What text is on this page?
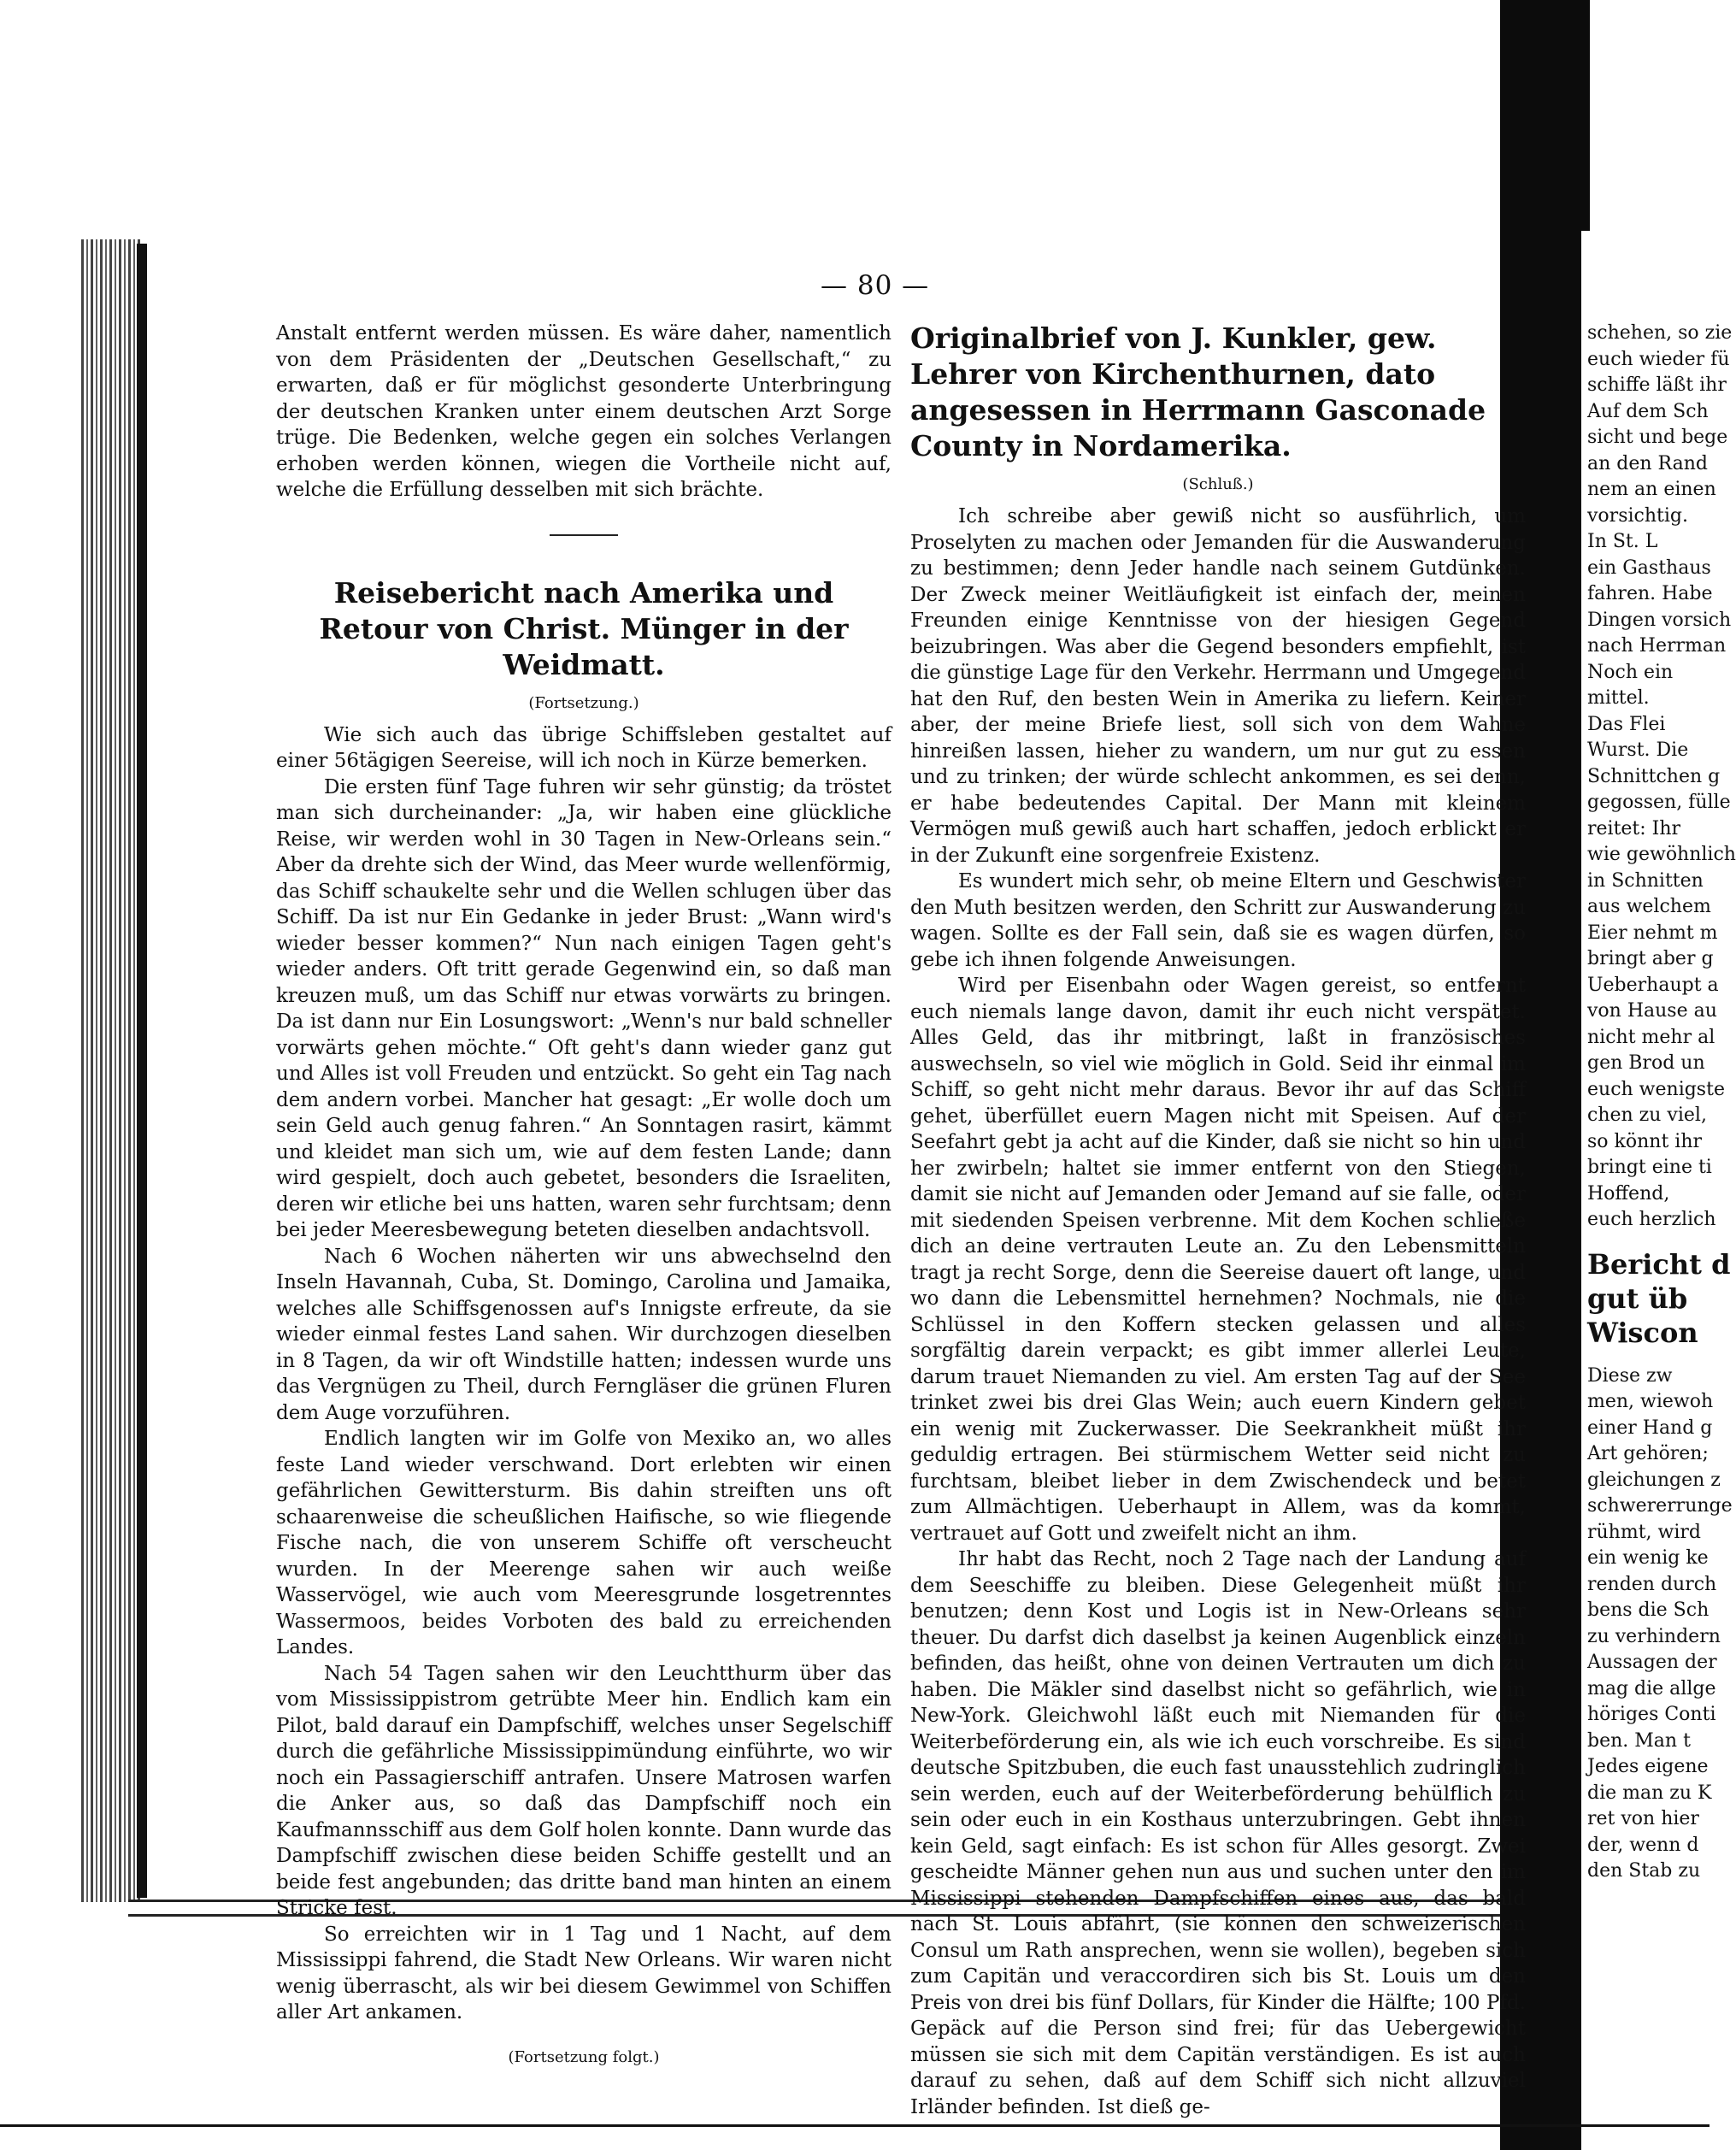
— 80 —

Anstalt entfernt werden müssen. Es wäre daher, namentlich von dem Präsidenten der „Deutschen Gesellschaft,“ zu erwarten, daß er für möglichst gesonderte Unterbringung der deutschen Kranken unter einem deutschen Arzt Sorge trüge. Die Bedenken, welche gegen ein solches Verlangen erhoben werden können, wiegen die Vortheile nicht auf, welche die Erfüllung desselben mit sich brächte.

Reisebericht nach Amerika und Retour von Christ. Münger in der Weidmatt.
(Fortsetzung.)

Wie sich auch das übrige Schiffsleben gestaltet auf einer 56tägigen Seereise, will ich noch in Kürze bemerken.

Die ersten fünf Tage fuhren wir sehr günstig; da tröstet man sich durcheinander: „Ja, wir haben eine glückliche Reise, wir werden wohl in 30 Tagen in New-Orleans sein.“ Aber da drehte sich der Wind, das Meer wurde wellenförmig, das Schiff schaukelte sehr und die Wellen schlugen über das Schiff. Da ist nur Ein Gedanke in jeder Brust: „Wann wird's wieder besser kommen?“ Nun nach einigen Tagen geht's wieder anders. Oft tritt gerade Gegenwind ein, so daß man kreuzen muß, um das Schiff nur etwas vorwärts zu bringen. Da ist dann nur Ein Losungswort: „Wenn's nur bald schneller vorwärts gehen möchte.“ Oft geht's dann wieder ganz gut und Alles ist voll Freuden und entzückt. So geht ein Tag nach dem andern vorbei. Mancher hat gesagt: „Er wolle doch um sein Geld auch genug fahren.“ An Sonntagen rasirt, kämmt und kleidet man sich um, wie auf dem festen Lande; dann wird gespielt, doch auch gebetet, besonders die Israeliten, deren wir etliche bei uns hatten, waren sehr furchtsam; denn bei jeder Meeresbewegung beteten dieselben andachtsvoll.

Nach 6 Wochen näherten wir uns abwechselnd den Inseln Havannah, Cuba, St. Domingo, Carolina und Jamaika, welches alle Schiffsgenossen auf's Innigste erfreute, da sie wieder einmal festes Land sahen. Wir durchzogen dieselben in 8 Tagen, da wir oft Windstille hatten; indessen wurde uns das Vergnügen zu Theil, durch Ferngläser die grünen Fluren dem Auge vorzuführen.

Endlich langten wir im Golfe von Mexiko an, wo alles feste Land wieder verschwand. Dort erlebten wir einen gefährlichen Gewittersturm. Bis dahin streiften uns oft schaarenweise die scheußlichen Haifische, so wie fliegende Fische nach, die von unserem Schiffe oft verscheucht wurden. In der Meerenge sahen wir auch weiße Wasservögel, wie auch vom Meeresgrunde losgetrenntes Wassermoos, beides Vorboten des bald zu erreichenden Landes.

Nach 54 Tagen sahen wir den Leuchtthurm über das vom Mississippistrom getrübte Meer hin. Endlich kam ein Pilot, bald darauf ein Dampfschiff, welches unser Segelschiff durch die gefährliche Mississippimündung einführte, wo wir noch ein Passagierschiff antrafen. Unsere Matrosen warfen die Anker aus, so daß das Dampfschiff noch ein Kaufmannsschiff aus dem Golf holen konnte. Dann wurde das Dampfschiff zwischen diese beiden Schiffe gestellt und an beide fest angebunden; das dritte band man hinten an einem Stricke fest.

So erreichten wir in 1 Tag und 1 Nacht, auf dem Mississippi fahrend, die Stadt New Orleans. Wir waren nicht wenig überrascht, als wir bei diesem Gewimmel von Schiffen aller Art ankamen.

(Fortsetzung folgt.)
Originalbrief von J. Kunkler, gew. Lehrer von Kirchenthurnen, dato angesessen in Herrmann Gasconade County in Nordamerika.
(Schluß.)

Ich schreibe aber gewiß nicht so ausführlich, um Proselyten zu machen oder Jemanden für die Auswanderung zu bestimmen; denn Jeder handle nach seinem Gutdünken. Der Zweck meiner Weitläufigkeit ist einfach der, meinen Freunden einige Kenntnisse von der hiesigen Gegend beizubringen. Was aber die Gegend besonders empfiehlt, ist die günstige Lage für den Verkehr. Herrmann und Umgegend hat den Ruf, den besten Wein in Amerika zu liefern. Keiner aber, der meine Briefe liest, soll sich von dem Wahne hinreißen lassen, hieher zu wandern, um nur gut zu essen und zu trinken; der würde schlecht ankommen, es sei denn, er habe bedeutendes Capital. Der Mann mit kleinem Vermögen muß gewiß auch hart schaffen, jedoch erblickt er in der Zukunft eine sorgenfreie Existenz.

Es wundert mich sehr, ob meine Eltern und Geschwister den Muth besitzen werden, den Schritt zur Auswanderung zu wagen. Sollte es der Fall sein, daß sie es wagen dürfen, so gebe ich ihnen folgende Anweisungen.

Wird per Eisenbahn oder Wagen gereist, so entfernt euch niemals lange davon, damit ihr euch nicht verspätet. Alles Geld, das ihr mitbringt, laßt in französisches auswechseln, so viel wie möglich in Gold. Seid ihr einmal im Schiff, so geht nicht mehr daraus. Bevor ihr auf das Schiff gehet, überfüllet euern Magen nicht mit Speisen. Auf der Seefahrt gebt ja acht auf die Kinder, daß sie nicht so hin und her zwirbeln; haltet sie immer entfernt von den Stiegen, damit sie nicht auf Jemanden oder Jemand auf sie falle, oder mit siedenden Speisen verbrenne. Mit dem Kochen schließe dich an deine vertrauten Leute an. Zu den Lebensmitteln tragt ja recht Sorge, denn die Seereise dauert oft lange, und wo dann die Lebensmittel hernehmen? Nochmals, nie die Schlüssel in den Koffern stecken gelassen und alles sorgfältig darein verpackt; es gibt immer allerlei Leute, darum trauet Niemanden zu viel. Am ersten Tag auf der See trinket zwei bis drei Glas Wein; auch euern Kindern gebet ein wenig mit Zuckerwasser. Die Seekrankheit müßt ihr geduldig ertragen. Bei stürmischem Wetter seid nicht zu furchtsam, bleibet lieber in dem Zwischendeck und betet zum Allmächtigen. Ueberhaupt in Allem, was da kommt, vertrauet auf Gott und zweifelt nicht an ihm.

Ihr habt das Recht, noch 2 Tage nach der Landung auf dem Seeschiffe zu bleiben. Diese Gelegenheit müßt ihr benutzen; denn Kost und Logis ist in New-Orleans sehr theuer. Du darfst dich daselbst ja keinen Augenblick einzeln befinden, das heißt, ohne von deinen Vertrauten um dich zu haben. Die Mäkler sind daselbst nicht so gefährlich, wie in New-York. Gleichwohl läßt euch mit Niemanden für die Weiterbeförderung ein, als wie ich euch vorschreibe. Es sind deutsche Spitzbuben, die euch fast unausstehlich zudringlich sein werden, euch auf der Weiterbeförderung behülflich zu sein oder euch in ein Kosthaus unterzubringen. Gebt ihnen kein Geld, sagt einfach: Es ist schon für Alles gesorgt. Zwei gescheidte Männer gehen nun aus und suchen unter den im Mississippi stehenden Dampfschiffen eines aus, das bald nach St. Louis abfährt, (sie können den schweizerischen Consul um Rath ansprechen, wenn sie wollen), begeben sich zum Capitän und veraccordiren sich bis St. Louis um den Preis von drei bis fünf Dollars, für Kinder die Hälfte; 100 Pfd. Gepäck auf die Person sind frei; für das Uebergewicht müssen sie sich mit dem Capitän verständigen. Es ist auch darauf zu sehen, daß auf dem Schiff sich nicht allzuviel Irländer befinden. Ist dieß ge-

schehen, so zie
euch wieder fü
schiffe läßt ihr
Auf dem Sch
sicht und bege
an den Rand
nem an einen
vorsichtig.
In St. L
ein Gasthaus
fahren. Habe
Dingen vorsich
nach Herrman
Noch ein
mittel.
Das Flei
Wurst. Die
Schnittchen g
gegossen, fülle
reitet: Ihr
wie gewöhnlich
in Schnitten
aus welchem
Eier nehmt m
bringt aber g
Ueberhaupt a
von Hause au
nicht mehr al
gen Brod un
euch wenigste
chen zu viel,
so könnt ihr
bringt eine ti
Hoffend,
euch herzlich
Bericht d
gut üb
Wiscon
Diese zw
men, wiewoh
einer Hand g
Art gehören;
gleichungen z
schwererrunge
rühmt, wird
ein wenig ke
renden durch
bens die Sch
zu verhindern
Aussagen der
mag die allge
höriges Conti
ben. Man t
Jedes eigene
die man zu K
ret von hier
der, wenn d
den Stab zu
